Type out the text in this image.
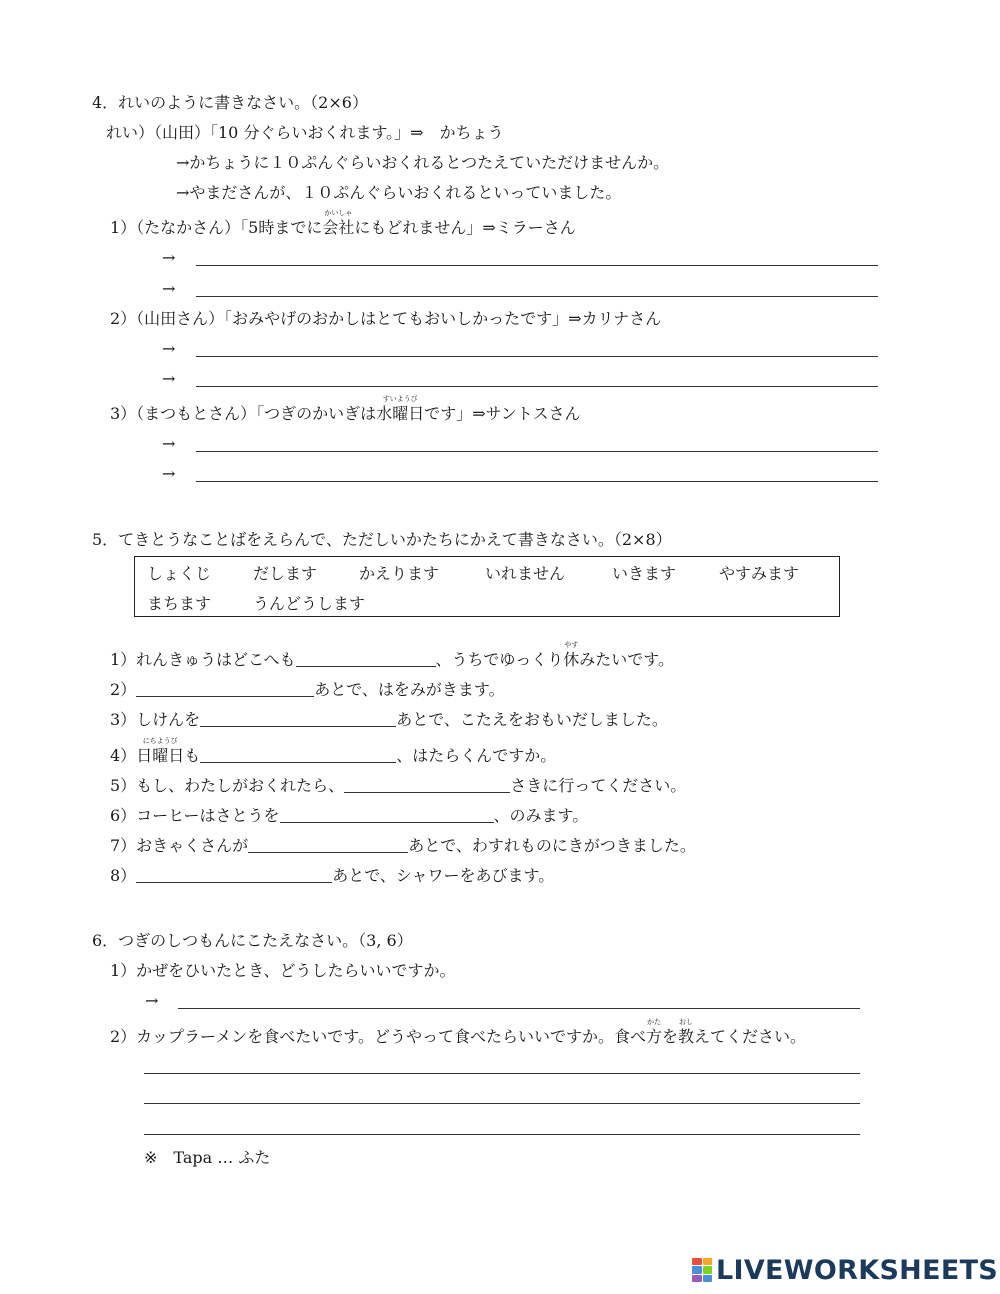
4．れいのように書きなさい。（2×6）
れい）（山田）「10 分ぐらいおくれます。」⇒　かちょう
→かちょうに１０ぷんぐらいおくれるとつたえていただけませんか。
→やまださんが、１０ぷんぐらいおくれるといっていました。
1）（たなかさん）「5時までに
かいしゃ
会社にもどれません」⇒ミラーさん
→
→
2）（山田さん）「おみやげのおかしはとてもおいしかったです」⇒カリナさん
→
→
3）（まつもとさん）「つぎのかいぎは
すいようび
水曜日です」⇒サントスさん
→
→
5．てきとうなことばをえらんで、ただしいかたちにかえて書きなさい。（2×8）
しょくじ	だします	かえります	いれません	いきます	やすみます
まちます	うんどうします
1）れんきゅうはどこへも	、うちでゆっくり
やす
休みたいです。
2）	あとで、はをみがきます。
3）しけんを	あとで、こたえをおもいだしました。
4）
にちようび
日曜日も	、はたらくんですか。
5）もし、わたしがおくれたら、	さきに行ってください。
6）コーヒーはさとうを	、のみます。
7）おきゃくさんが	あとで、わすれものにきがつきました。
8）	あとで、シャワーをあびます。
6．つぎのしつもんにこたえなさい。（3, 6）
1）かぜをひいたとき、どうしたらいいですか。
→
2）カップラーメンを食べたいです。どうやって食べたらいいですか。食べ
かた
方を
おし
教えてください。
※　Tapa … ふた
LIVEWORKSHEETS
